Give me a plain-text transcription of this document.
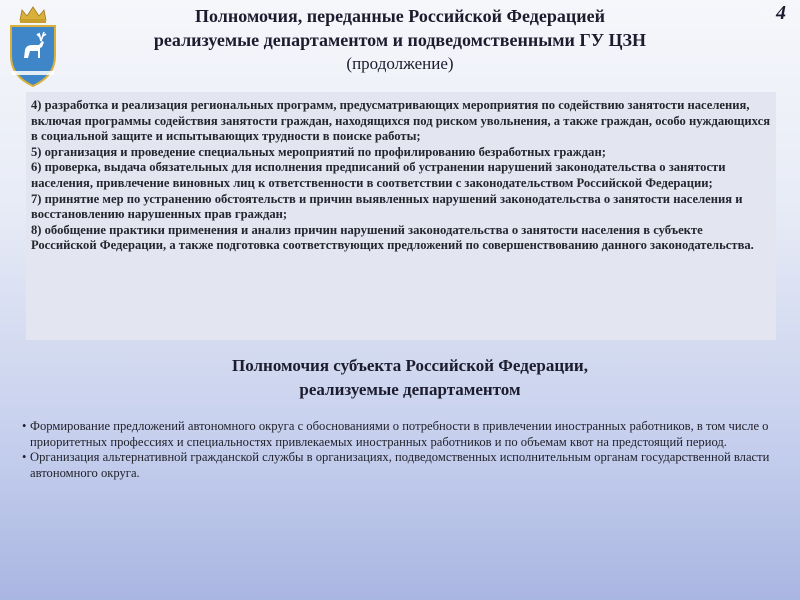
4
Полномочия, переданные Российской Федерацией
реализуемые департаментом и подведомственными ГУ ЦЗН
(продолжение)

4) разработка и реализация региональных программ, предусматривающих мероприятия по содействию занятости населения, включая программы содействия занятости граждан, находящихся под риском увольнения, а также граждан, особо нуждающихся в социальной защите и испытывающих трудности в поиске работы;

5) организация и проведение специальных мероприятий по профилированию безработных граждан;

6) проверка, выдача обязательных для исполнения предписаний об устранении нарушений законодательства о занятости населения, привлечение виновных лиц к ответственности в соответствии с законодательством Российской Федерации;

7) принятие мер по устранению обстоятельств и причин выявленных нарушений законодательства о занятости населения и восстановлению нарушенных прав граждан;

8) обобщение практики применения и анализ причин нарушений законодательства о занятости населения в субъекте Российской Федерации, а также подготовка соответствующих предложений по совершенствованию данного законодательства.

Полномочия субъекта Российской Федерации,
реализуемые департаментом

• Формирование предложений автономного округа с обоснованиями о потребности в привлечении иностранных работников, в том числе о приоритетных профессиях и специальностях привлекаемых иностранных работников и по объемам квот на предстоящий период.

• Организация альтернативной гражданской службы в организациях, подведомственных исполнительным органам государственной власти автономного округа.
